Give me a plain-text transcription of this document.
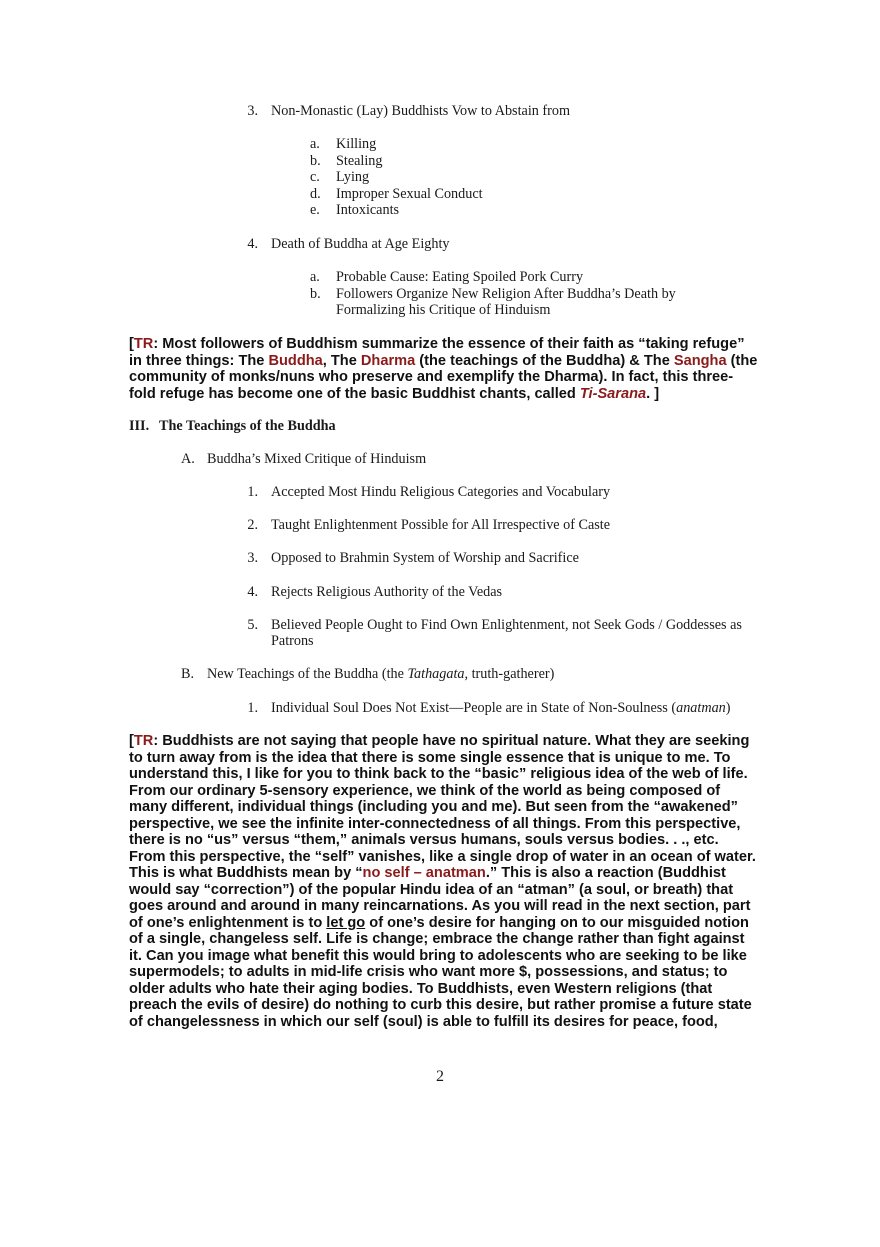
3. Non-Monastic (Lay) Buddhists Vow to Abstain from
a. Killing
b. Stealing
c. Lying
d. Improper Sexual Conduct
e. Intoxicants
4. Death of Buddha at Age Eighty
a. Probable Cause: Eating Spoiled Pork Curry
b. Followers Organize New Religion After Buddha’s Death by
Formalizing his Critique of Hinduism
[TR: Most followers of Buddhism summarize the essence of their faith as “taking refuge”
in three things: The Buddha, The Dharma (the teachings of the Buddha) & The Sangha (the
community of monks/nuns who preserve and exemplify the Dharma). In fact, this three-
fold refuge has become one of the basic Buddhist chants, called Ti-Sarana. ]
III. The Teachings of the Buddha
A. Buddha’s Mixed Critique of Hinduism
1. Accepted Most Hindu Religious Categories and Vocabulary
2. Taught Enlightenment Possible for All Irrespective of Caste
3. Opposed to Brahmin System of Worship and Sacrifice
4. Rejects Religious Authority of the Vedas
5. Believed People Ought to Find Own Enlightenment, not Seek Gods / Goddesses as
Patrons
B. New Teachings of the Buddha (the Tathagata, truth-gatherer)
1. Individual Soul Does Not Exist—People are in State of Non-Soulness (anatman)
[TR: Buddhists are not saying that people have no spiritual nature. What they are seeking
to turn away from is the idea that there is some single essence that is unique to me. To
understand this, I like for you to think back to the “basic” religious idea of the web of life.
From our ordinary 5-sensory experience, we think of the world as being composed of
many different, individual things (including you and me). But seen from the “awakened”
perspective, we see the infinite inter-connectedness of all things. From this perspective,
there is no “us” versus “them,” animals versus humans, souls versus bodies. . ., etc.
From this perspective, the “self” vanishes, like a single drop of water in an ocean of water.
This is what Buddhists mean by “no self – anatman.” This is also a reaction (Buddhist
would say “correction”) of the popular Hindu idea of an “atman” (a soul, or breath) that
goes around and around in many reincarnations. As you will read in the next section, part
of one’s enlightenment is to let go of one’s desire for hanging on to our misguided notion
of a single, changeless self. Life is change; embrace the change rather than fight against
it. Can you image what benefit this would bring to adolescents who are seeking to be like
supermodels; to adults in mid-life crisis who want more $, possessions, and status; to
older adults who hate their aging bodies. To Buddhists, even Western religions (that
preach the evils of desire) do nothing to curb this desire, but rather promise a future state
of changelessness in which our self (soul) is able to fulfill its desires for peace, food,
2
